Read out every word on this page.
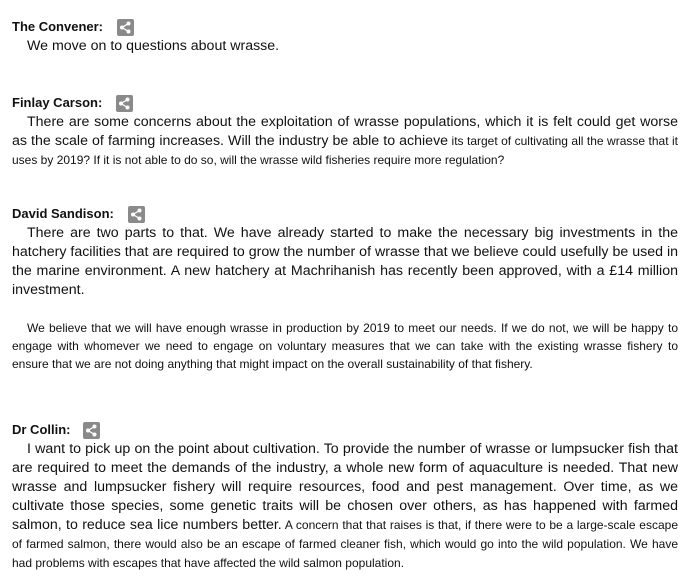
The Convener:

We move on to questions about wrasse.

Finlay Carson:

There are some concerns about the exploitation of wrasse populations, which it is felt could get worse as the scale of farming increases. Will the industry be able to achieve its target of cultivating all the wrasse that it uses by 2019? If it is not able to do so, will the wrasse wild fisheries require more regulation?

David Sandison:

There are two parts to that. We have already started to make the necessary big investments in the hatchery facilities that are required to grow the number of wrasse that we believe could usefully be used in the marine environment. A new hatchery at Machrihanish has recently been approved, with a £14 million investment.

We believe that we will have enough wrasse in production by 2019 to meet our needs. If we do not, we will be happy to engage with whomever we need to engage on voluntary measures that we can take with the existing wrasse fishery to ensure that we are not doing anything that might impact on the overall sustainability of that fishery.

Dr Collin:

I want to pick up on the point about cultivation. To provide the number of wrasse or lumpsucker fish that are required to meet the demands of the industry, a whole new form of aquaculture is needed. That new wrasse and lumpsucker fishery will require resources, food and pest management. Over time, as we cultivate those species, some genetic traits will be chosen over others, as has happened with farmed salmon, to reduce sea lice numbers better. A concern that that raises is that, if there were to be a large-scale escape of farmed salmon, there would also be an escape of farmed cleaner fish, which would go into the wild population. We have had problems with escapes that have affected the wild salmon population.
